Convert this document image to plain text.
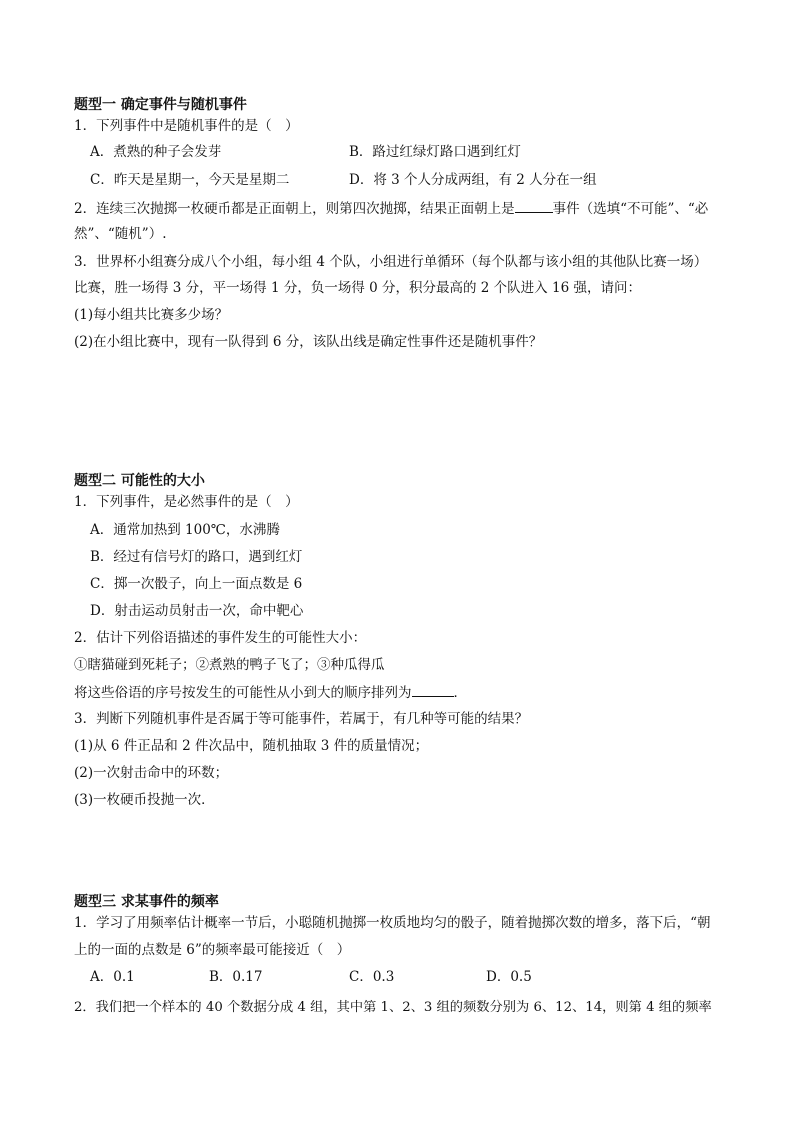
题型一 确定事件与随机事件
1．下列事件中是随机事件的是（　）
A．煮熟的种子会发芽	B．路过红绿灯路口遇到红灯
C．昨天是星期一，今天是星期二	D．将 3 个人分成两组，有 2 人分在一组
2．连续三次抛掷一枚硬币都是正面朝上，则第四次抛掷，结果正面朝上是	事件（选填“不可能”、“必
然”、“随机”）.
3．世界杯小组赛分成八个小组，每小组 4 个队，小组进行单循环（每个队都与该小组的其他队比赛一场）
比赛，胜一场得 3 分，平一场得 1 分，负一场得 0 分，积分最高的 2 个队进入 16 强，请问：
(1)每小组共比赛多少场？
(2)在小组比赛中，现有一队得到 6 分，该队出线是确定性事件还是随机事件？
题型二 可能性的大小
1．下列事件，是必然事件的是（　）
A．通常加热到 100℃，水沸腾
B．经过有信号灯的路口，遇到红灯
C．掷一次骰子，向上一面点数是 6
D．射击运动员射击一次，命中靶心
2．估计下列俗语描述的事件发生的可能性大小：
①瞎猫碰到死耗子；②煮熟的鸭子飞了；③种瓜得瓜
将这些俗语的序号按发生的可能性从小到大的顺序排列为	．
3．判断下列随机事件是否属于等可能事件，若属于，有几种等可能的结果？
(1)从 6 件正品和 2 件次品中，随机抽取 3 件的质量情况；
(2)一次射击命中的环数；
(3)一枚硬币投抛一次．
题型三 求某事件的频率
1．学习了用频率估计概率一节后，小聪随机抛掷一枚质地均匀的骰子，随着抛掷次数的增多，落下后，“朝
上的一面的点数是 6”的频率最可能接近（　）
A．0.1	B．0.17	C．0.3	D．0.5
2．我们把一个样本的 40 个数据分成 4 组，其中第 1、2、3 组的频数分别为 6、12、14，则第 4 组的频率
